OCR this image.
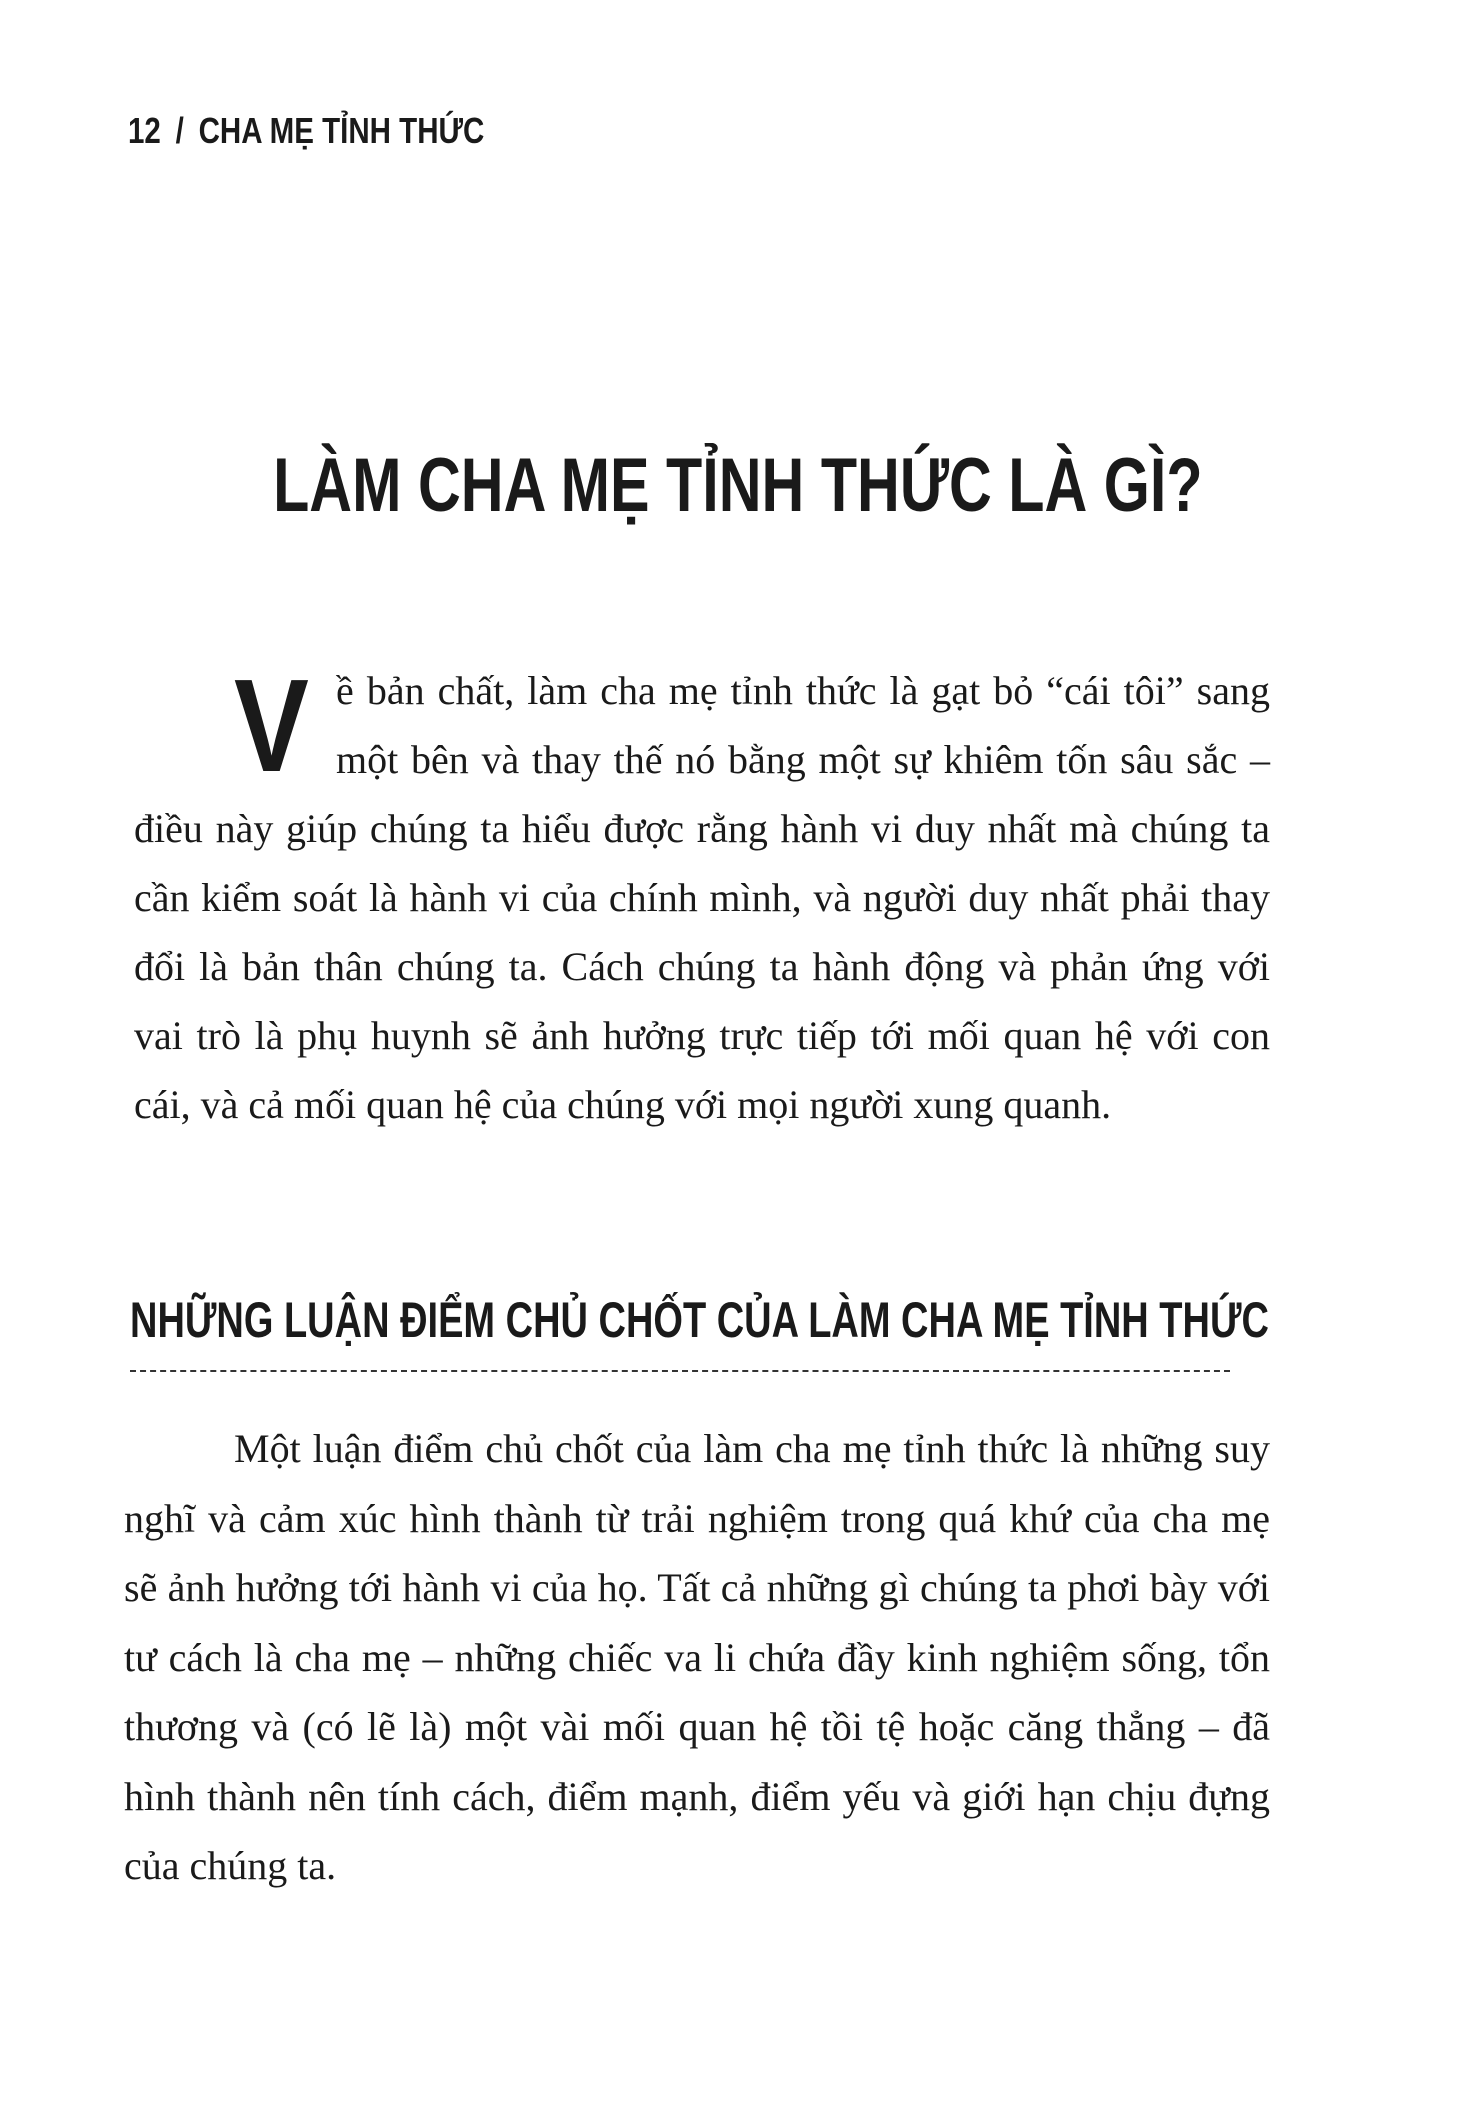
12 / CHA MẸ TỈNH THỨC
LÀM CHA MẸ TỈNH THỨC LÀ GÌ?
Về bản chất, làm cha mẹ tỉnh thức là gạt bỏ “cái tôi” sang một bên và thay thế nó bằng một sự khiêm tốn sâu sắc – điều này giúp chúng ta hiểu được rằng hành vi duy nhất mà chúng ta cần kiểm soát là hành vi của chính mình, và người duy nhất phải thay đổi là bản thân chúng ta. Cách chúng ta hành động và phản ứng với vai trò là phụ huynh sẽ ảnh hưởng trực tiếp tới mối quan hệ với con cái, và cả mối quan hệ của chúng với mọi người xung quanh.
NHỮNG LUẬN ĐIỂM CHỦ CHỐT CỦA LÀM CHA MẸ TỈNH THỨC

Một luận điểm chủ chốt của làm cha mẹ tỉnh thức là những suy nghĩ và cảm xúc hình thành từ trải nghiệm trong quá khứ của cha mẹ sẽ ảnh hưởng tới hành vi của họ. Tất cả những gì chúng ta phơi bày với tư cách là cha mẹ – những chiếc va li chứa đầy kinh nghiệm sống, tổn thương và (có lẽ là) một vài mối quan hệ tồi tệ hoặc căng thẳng – đã hình thành nên tính cách, điểm mạnh, điểm yếu và giới hạn chịu đựng của chúng ta.
